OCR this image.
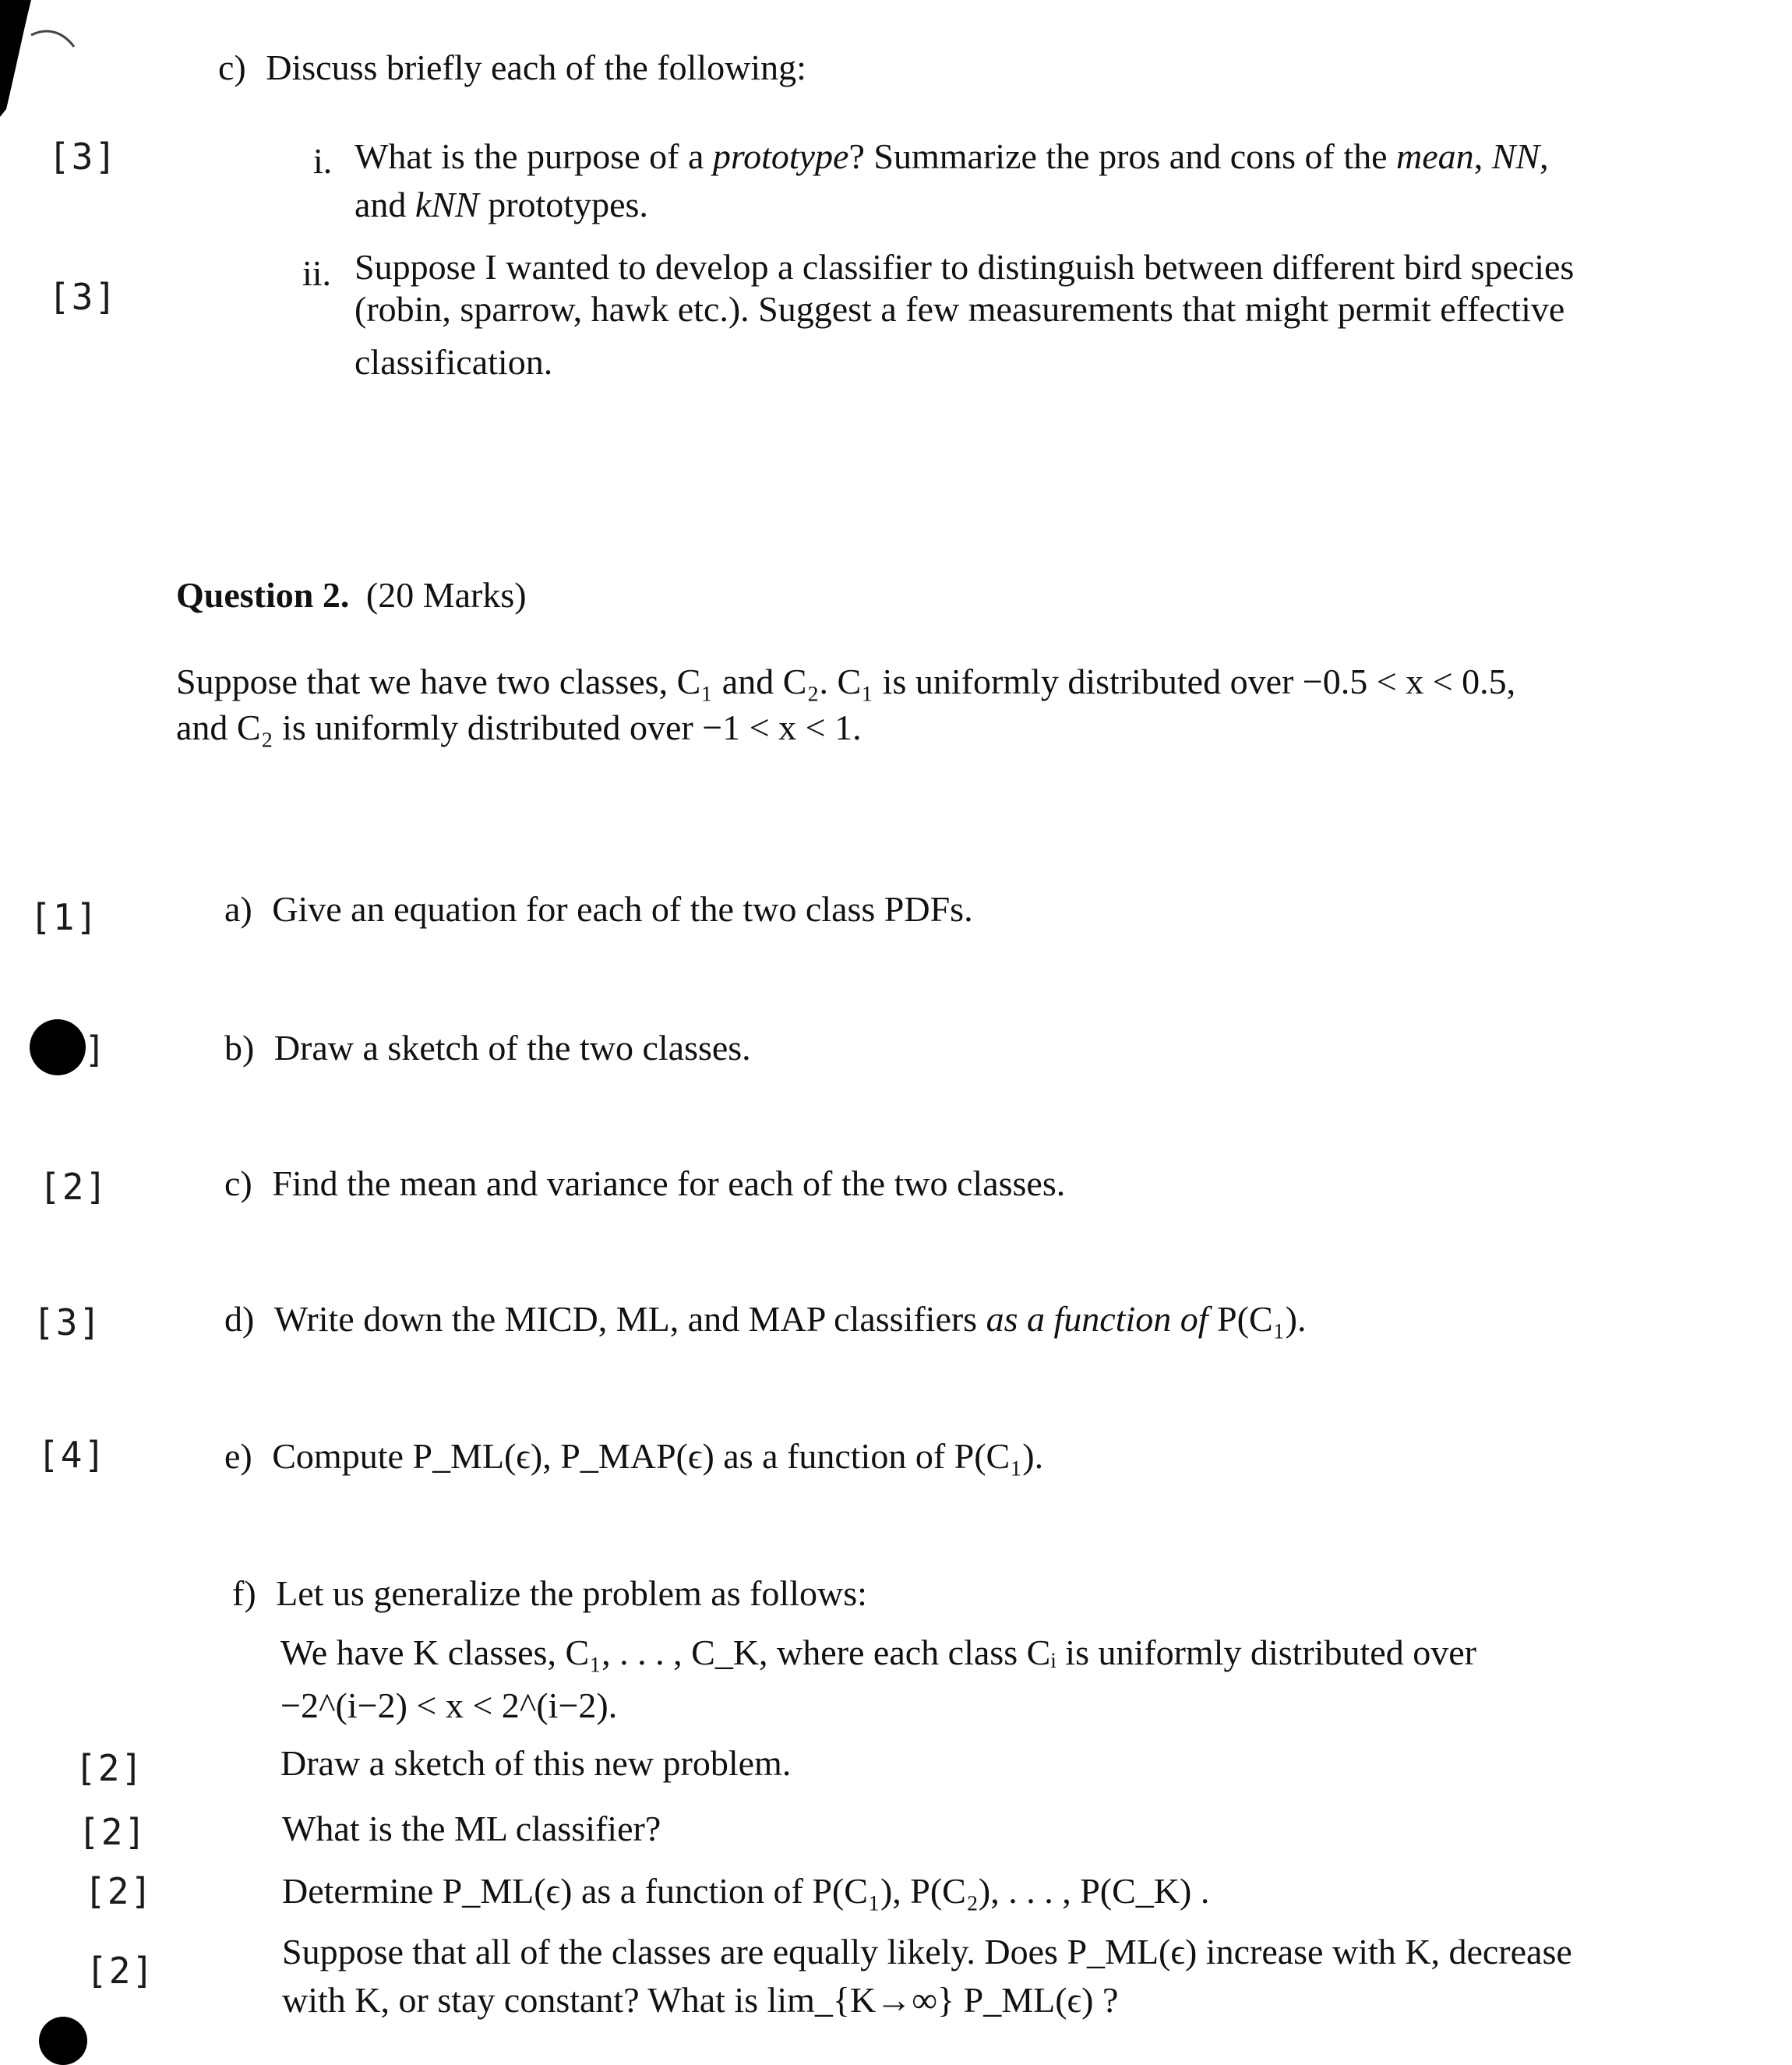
c) Discuss briefly each of the following:
[3]	i. What is the purpose of a prototype? Summarize the pros and cons of the mean, NN,
and kNN prototypes.
[3]
ii. Suppose I wanted to develop a classifier to distinguish between different bird species
(robin, sparrow, hawk etc.). Suggest a few measurements that might permit effective
classification.
Question 2. (20 Marks)
Suppose that we have two classes, C₁ and C₂. C₁ is uniformly distributed over −0.5 < x < 0.5,
and C₂ is uniformly distributed over −1 < x < 1.
[1]	a) Give an equation for each of the two class PDFs.
]	b) Draw a sketch of the two classes.
[2]	c) Find the mean and variance for each of the two classes.
[3]	d) Write down the MICD, ML, and MAP classifiers as a function of P(C₁).
[4]	e) Compute P_ML(ϵ), P_MAP(ϵ) as a function of P(C₁).
f) Let us generalize the problem as follows:
We have K classes, C₁, . . . , C_K, where each class Cᵢ is uniformly distributed over
−2^(i−2) < x < 2^(i−2).
[2]	Draw a sketch of this new problem.
[2]	What is the ML classifier?
[2]	Determine P_ML(ϵ) as a function of P(C₁), P(C₂), . . . , P(C_K) .
[2]	Suppose that all of the classes are equally likely. Does P_ML(ϵ) increase with K, decrease
with K, or stay constant? What is lim_{K→∞} P_ML(ϵ) ?
